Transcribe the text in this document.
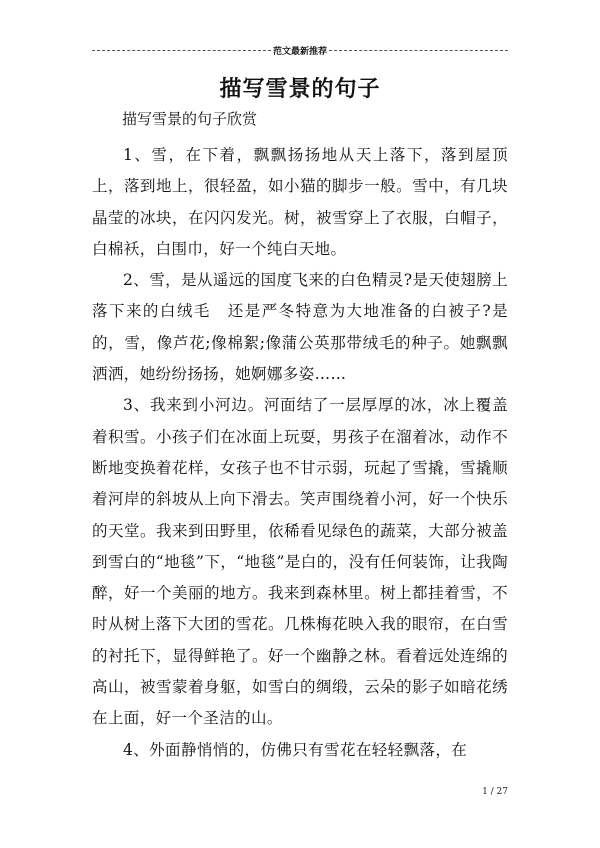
范文最新推荐
描写雪景的句子

描写雪景的句子欣赏

1、雪，在下着，飘飘扬扬地从天上落下，落到屋顶上，落到地上，很轻盈，如小猫的脚步一般。雪中，有几块晶莹的冰块，在闪闪发光。树，被雪穿上了衣服，白帽子，白棉袄，白围巾，好一个纯白天地。

2、雪，是从遥远的国度飞来的白色精灵?是天使翅膀上落下来的白绒毛　还是严冬特意为大地准备的白被子?是的，雪，像芦花;像棉絮;像蒲公英那带绒毛的种子。她飘飘洒洒，她纷纷扬扬，她婀娜多姿……

3、我来到小河边。河面结了一层厚厚的冰，冰上覆盖着积雪。小孩子们在冰面上玩耍，男孩子在溜着冰，动作不断地变换着花样，女孩子也不甘示弱，玩起了雪撬，雪撬顺着河岸的斜坡从上向下滑去。笑声围绕着小河，好一个快乐的天堂。我来到田野里，依稀看见绿色的蔬菜，大部分被盖到雪白的“地毯”下，“地毯”是白的，没有任何装饰，让我陶醉，好一个美丽的地方。我来到森林里。树上都挂着雪，不时从树上落下大团的雪花。几株梅花映入我的眼帘，在白雪的衬托下，显得鲜艳了。好一个幽静之林。看着远处连绵的高山，被雪蒙着身躯，如雪白的绸缎，云朵的影子如暗花绣在上面，好一个圣洁的山。

4、外面静悄悄的，仿佛只有雪花在轻轻飘落，在

1 / 27
